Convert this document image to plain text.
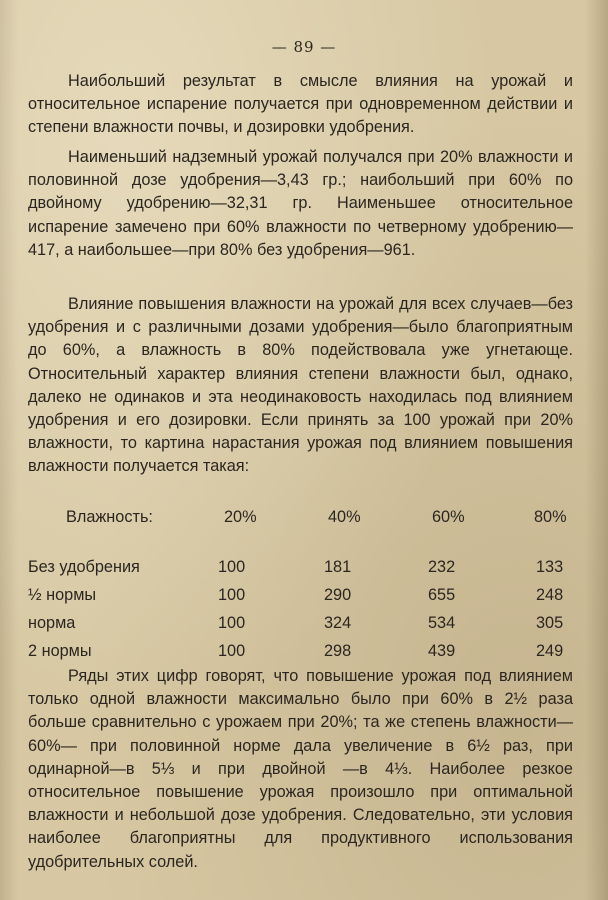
— 89 —

Наибольший результат в смысле влияния на урожай и относительное испарение получается при одновременном действии и степени влажности почвы, и дозировки удобрения.

Наименьший надземный урожай получался при 20% влажности и половинной дозе удобрения—3,43 гр.; наибольший при 60% по двойному удобрению—32,31 гр. Наименьшее относительное испарение замечено при 60% влажности по четверному удобрению—417, а наибольшее—при 80% без удобрения—961.

Влияние повышения влажности на урожай для всех случаев—без удобрения и с различными дозами удобрения—было благоприятным до 60%, а влажность в 80% подействовала уже угнетающе. Относительный характер влияния степени влажности был, однако, далеко не одинаков и эта неодинаковость находилась под влиянием удобрения и его дозировки. Если принять за 100 урожай при 20% влажности, то картина нарастания урожая под влиянием повышения влажности получается такая:

Влажность:	20%	40%	60%	80%
Без удобрения	100	181	232	133
½ нормы	100	290	655	248
норма	100	324	534	305
2 нормы	100	298	439	249

Ряды этих цифр говорят, что повышение урожая под влиянием только одной влажности максимально было при 60% в 2½ раза больше сравнительно с урожаем при 20%; та же степень влажности—60%— при половинной норме дала увеличение в 6½ раз, при одинарной—в 5⅓ и при двойной —в 4⅓. Наиболее резкое относительное повышение урожая произошло при оптимальной влажности и небольшой дозе удобрения. Следовательно, эти условия наиболее благоприятны для продуктивного использования удобрительных солей.
